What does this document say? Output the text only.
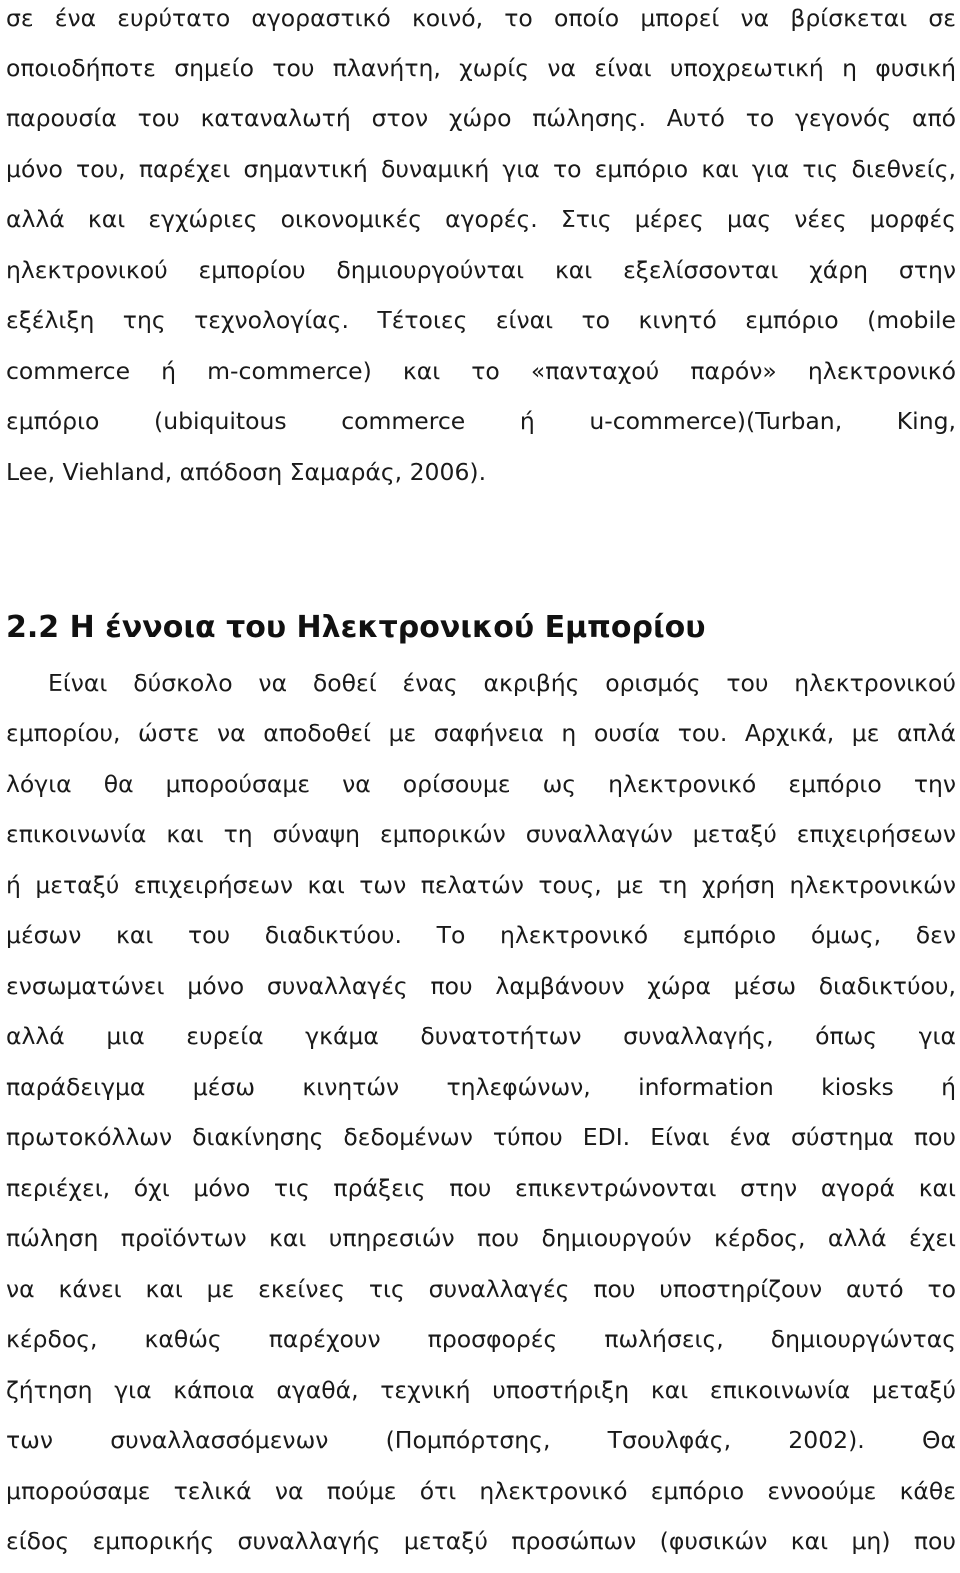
σε ένα ευρύτατο αγοραστικό κοινό, το οποίο μπορεί να βρίσκεται σε
οποιοδήποτε σημείο του πλανήτη, χωρίς να είναι υποχρεωτική η φυσική
παρουσία του καταναλωτή στον χώρο πώλησης. Αυτό το γεγονός από
μόνο του, παρέχει σημαντική δυναμική για το εμπόριο και για τις διεθνείς,
αλλά και εγχώριες οικονομικές αγορές. Στις μέρες μας νέες μορφές
ηλεκτρονικού εμπορίου δημιουργούνται και εξελίσσονται χάρη στην
εξέλιξη της τεχνολογίας. Τέτοιες είναι το κινητό εμπόριο (mobile
commerce ή m-commerce) και το «πανταχού παρόν» ηλεκτρονικό
εμπόριο (ubiquitous commerce ή u-commerce)(Turban, King,
Lee, Viehland, απόδοση Σαμαράς, 2006).
2.2 Η έννοια του Ηλεκτρονικού Εμπορίου
Είναι δύσκολο να δοθεί ένας ακριβής ορισμός του ηλεκτρονικού
εμπορίου, ώστε να αποδοθεί με σαφήνεια η ουσία του. Αρχικά, με απλά
λόγια θα μπορούσαμε να ορίσουμε ως ηλεκτρονικό εμπόριο την
επικοινωνία και τη σύναψη εμπορικών συναλλαγών μεταξύ επιχειρήσεων
ή μεταξύ επιχειρήσεων και των πελατών τους, με τη χρήση ηλεκτρονικών
μέσων και του διαδικτύου. Το ηλεκτρονικό εμπόριο όμως, δεν
ενσωματώνει μόνο συναλλαγές που λαμβάνουν χώρα μέσω διαδικτύου,
αλλά μια ευρεία γκάμα δυνατοτήτων συναλλαγής, όπως για
παράδειγμα μέσω κινητών τηλεφώνων, information kiosks ή
πρωτοκόλλων διακίνησης δεδομένων τύπου EDI. Είναι ένα σύστημα που
περιέχει, όχι μόνο τις πράξεις που επικεντρώνονται στην αγορά και
πώληση προϊόντων και υπηρεσιών που δημιουργούν κέρδος, αλλά έχει
να κάνει και με εκείνες τις συναλλαγές που υποστηρίζουν αυτό το
κέρδος, καθώς παρέχουν προσφορές πωλήσεις, δημιουργώντας
ζήτηση για κάποια αγαθά, τεχνική υποστήριξη και επικοινωνία μεταξύ
των συναλλασσόμενων (Πομπόρτσης, Τσουλφάς, 2002). Θα
μπορούσαμε τελικά να πούμε ότι ηλεκτρονικό εμπόριο εννοούμε κάθε
είδος εμπορικής συναλλαγής μεταξύ προσώπων (φυσικών και μη) που
